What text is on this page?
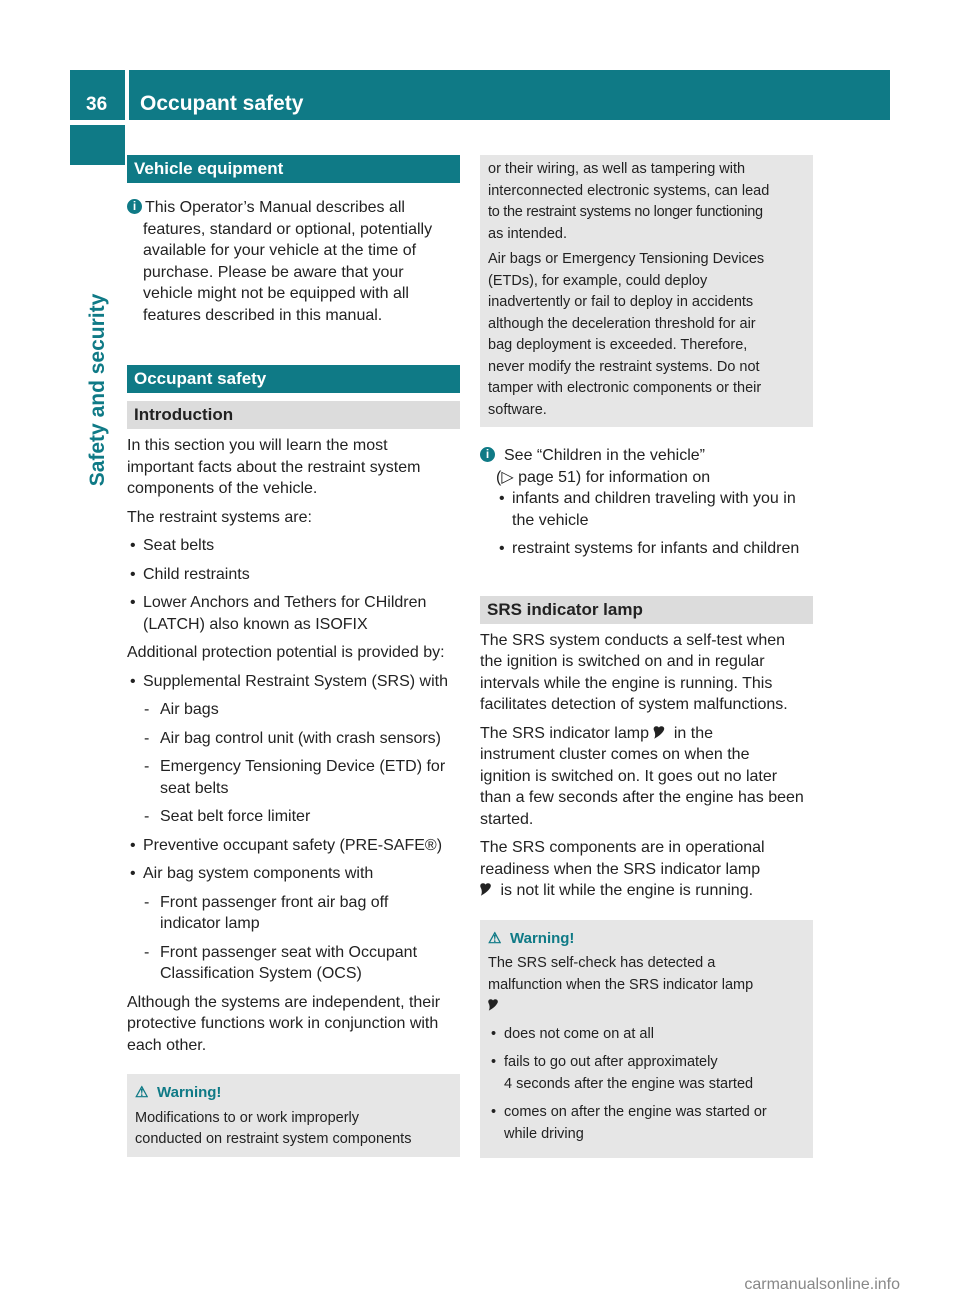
36 Occupant safety
Safety and security
Vehicle equipment
i This Operator’s Manual describes all
features, standard or optional, potentially
available for your vehicle at the time of
purchase. Please be aware that your
vehicle might not be equipped with all
features described in this manual.
Occupant safety
Introduction

In this section you will learn the most
important facts about the restraint system
components of the vehicle.

The restraint systems are:

• Seat belts
• Child restraints
• Lower Anchors and Tethers for CHildren
(LATCH) also known as ISOFIX

Additional protection potential is provided by:

• Supplemental Restraint System (SRS) with
- Air bags
- Air bag control unit (with crash sensors)
- Emergency Tensioning Device (ETD) for
seat belts
- Seat belt force limiter
• Preventive occupant safety (PRE-SAFE®)
• Air bag system components with
- Front passenger front air bag off
indicator lamp
- Front passenger seat with Occupant
Classification System (OCS)

Although the systems are independent, their
protective functions work in conjunction with
each other.

⚠ Warning!
Modifications to or work improperly
conducted on restraint system components
or their wiring, as well as tampering with
interconnected electronic systems, can lead
to the restraint systems no longer functioning
as intended.
Air bags or Emergency Tensioning Devices
(ETDs), for example, could deploy
inadvertently or fail to deploy in accidents
although the deceleration threshold for air
bag deployment is exceeded. Therefore,
never modify the restraint systems. Do not
tamper with electronic components or their
software.
i See “Children in the vehicle”
(▷ page 51) for information on
• infants and children traveling with you in
the vehicle
• restraint systems for infants and children
SRS indicator lamp

The SRS system conducts a self-test when
the ignition is switched on and in regular
intervals while the engine is running. This
facilitates detection of system malfunctions.

The SRS indicator lamp 🎔 in the
instrument cluster comes on when the
ignition is switched on. It goes out no later
than a few seconds after the engine has been
started.

The SRS components are in operational
readiness when the SRS indicator lamp
🎔 is not lit while the engine is running.

⚠ Warning!
The SRS self-check has detected a
malfunction when the SRS indicator lamp
🎔
• does not come on at all
• fails to go out after approximately
4 seconds after the engine was started
• comes on after the engine was started or
while driving
carmanualsonline.info
